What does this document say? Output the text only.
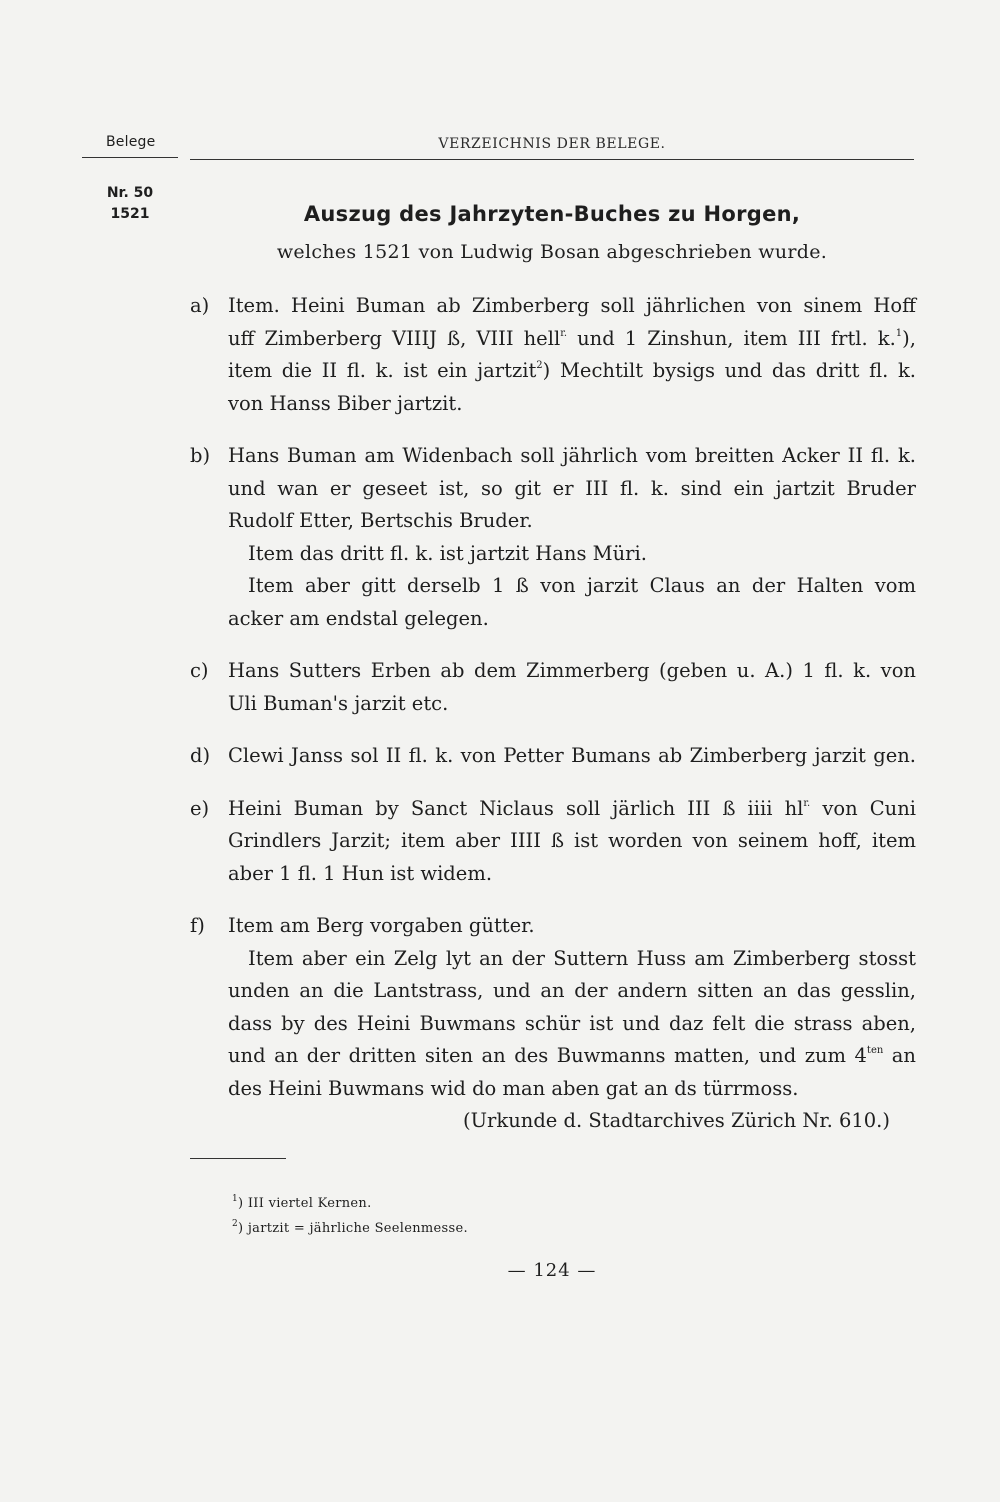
Belege	VERZEICHNIS DER BELEGE.
Nr. 50
1521	Auszug des Jahrzyten-Buches zu Horgen,
welches 1521 von Ludwig Bosan abgeschrieben wurde.
a) Item. Heini Buman ab Zimberberg soll jährlichen von sinem Hoff
uff Zimberberg VIIIJ ß, VIII hell$^{r.}$ und 1 Zinshun, item III frtl. k.$^1$),
item die II fl. k. ist ein jartzit$^2$) Mechtilt bysigs und das dritt fl. k.
von Hanss Biber jartzit.
b) Hans Buman am Widenbach soll jährlich vom breitten Acker II fl. k.
und wan er geseet ist, so git er III fl. k. sind ein jartzit Bruder
Rudolf Etter, Bertschis Bruder.
Item das dritt fl. k. ist jartzit Hans Müri.
Item aber gitt derselb 1 ß von jarzit Claus an der Halten vom
acker am endstal gelegen.
c) Hans Sutters Erben ab dem Zimmerberg (geben u. A.) 1 fl. k. von
Uli Buman's jarzit etc.
d) Clewi Janss sol II fl. k. von Petter Bumans ab Zimberberg jarzit gen.
e) Heini Buman by Sanct Niclaus soll järlich III ß iiii $hl^{r.}$ von Cuni
Grindlers Jarzit; item aber IIII ß ist worden von seinem hoff, item
aber 1 fl. 1 Hun ist widem.
f) Item am Berg vorgaben gütter.
Item aber ein Zelg lyt an der Suttern Huss am Zimberberg stosst
unden an die Lantstrass, und an der andern sitten an das gesslin,
dass by des Heini Buwmans schür ist und daz felt die strass aben,
und an der dritten siten an des Buwmanns matten, und zum $4^{ten}$ an
des Heini Buwmans wid do man aben gat an ds türrmoss.
(Urkunde d. Stadtarchives Zürich Nr. 610.)
$^1$) III viertel Kernen.
$^2$) jartzit = jährliche Seelenmesse.
— 124 —
